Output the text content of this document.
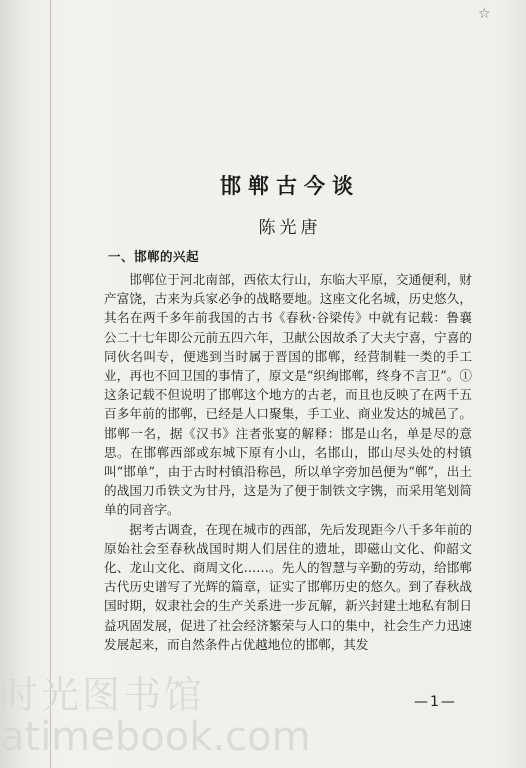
☆
邯郸古今谈
陈光唐
一、邯郸的兴起

邯郸位于河北南部，西依太行山，东临大平原，交通便利，财产富饶，古来为兵家必争的战略要地。这座文化名城，历史悠久，其名在两千多年前我国的古书《春秋·谷梁传》中就有记载：鲁襄公二十七年即公元前五四六年，卫献公因故杀了大夫宁喜，宁喜的同伙名叫专，便逃到当时属于晋国的邯郸，经营制鞋一类的手工业，再也不回卫国的事情了，原文是“织绚邯郸，终身不言卫”。①这条记载不但说明了邯郸这个地方的古老，而且也反映了在两千五百多年前的邯郸，已经是人口聚集，手工业、商业发达的城邑了。邯郸一名，据《汉书》注者张宴的解释：邯是山名，单是尽的意思。在邯郸西部或东城下原有小山，名邯山，邯山尽头处的村镇叫“邯单”，由于古时村镇沿称邑，所以单字旁加邑便为“郸”，出土的战国刀币铁文为甘丹，这是为了便于制铁文字镌，而采用笔划简单的同音字。

据考古调查，在现在城市的西部，先后发现距今八千多年前的原始社会至春秋战国时期人们居住的遗址，即磁山文化、仰韶文化、龙山文化、商周文化……。先人的智慧与辛勤的劳动，给邯郸古代历史谱写了光辉的篇章，证实了邯郸历史的悠久。到了春秋战国时期，奴隶社会的生产关系进一步瓦解，新兴封建土地私有制日益巩固发展，促进了社会经济繁荣与人口的集中，社会生产力迅速发展起来，而自然条件占优越地位的邯郸，其发

—1—
时光图书馆
atimebook.com
